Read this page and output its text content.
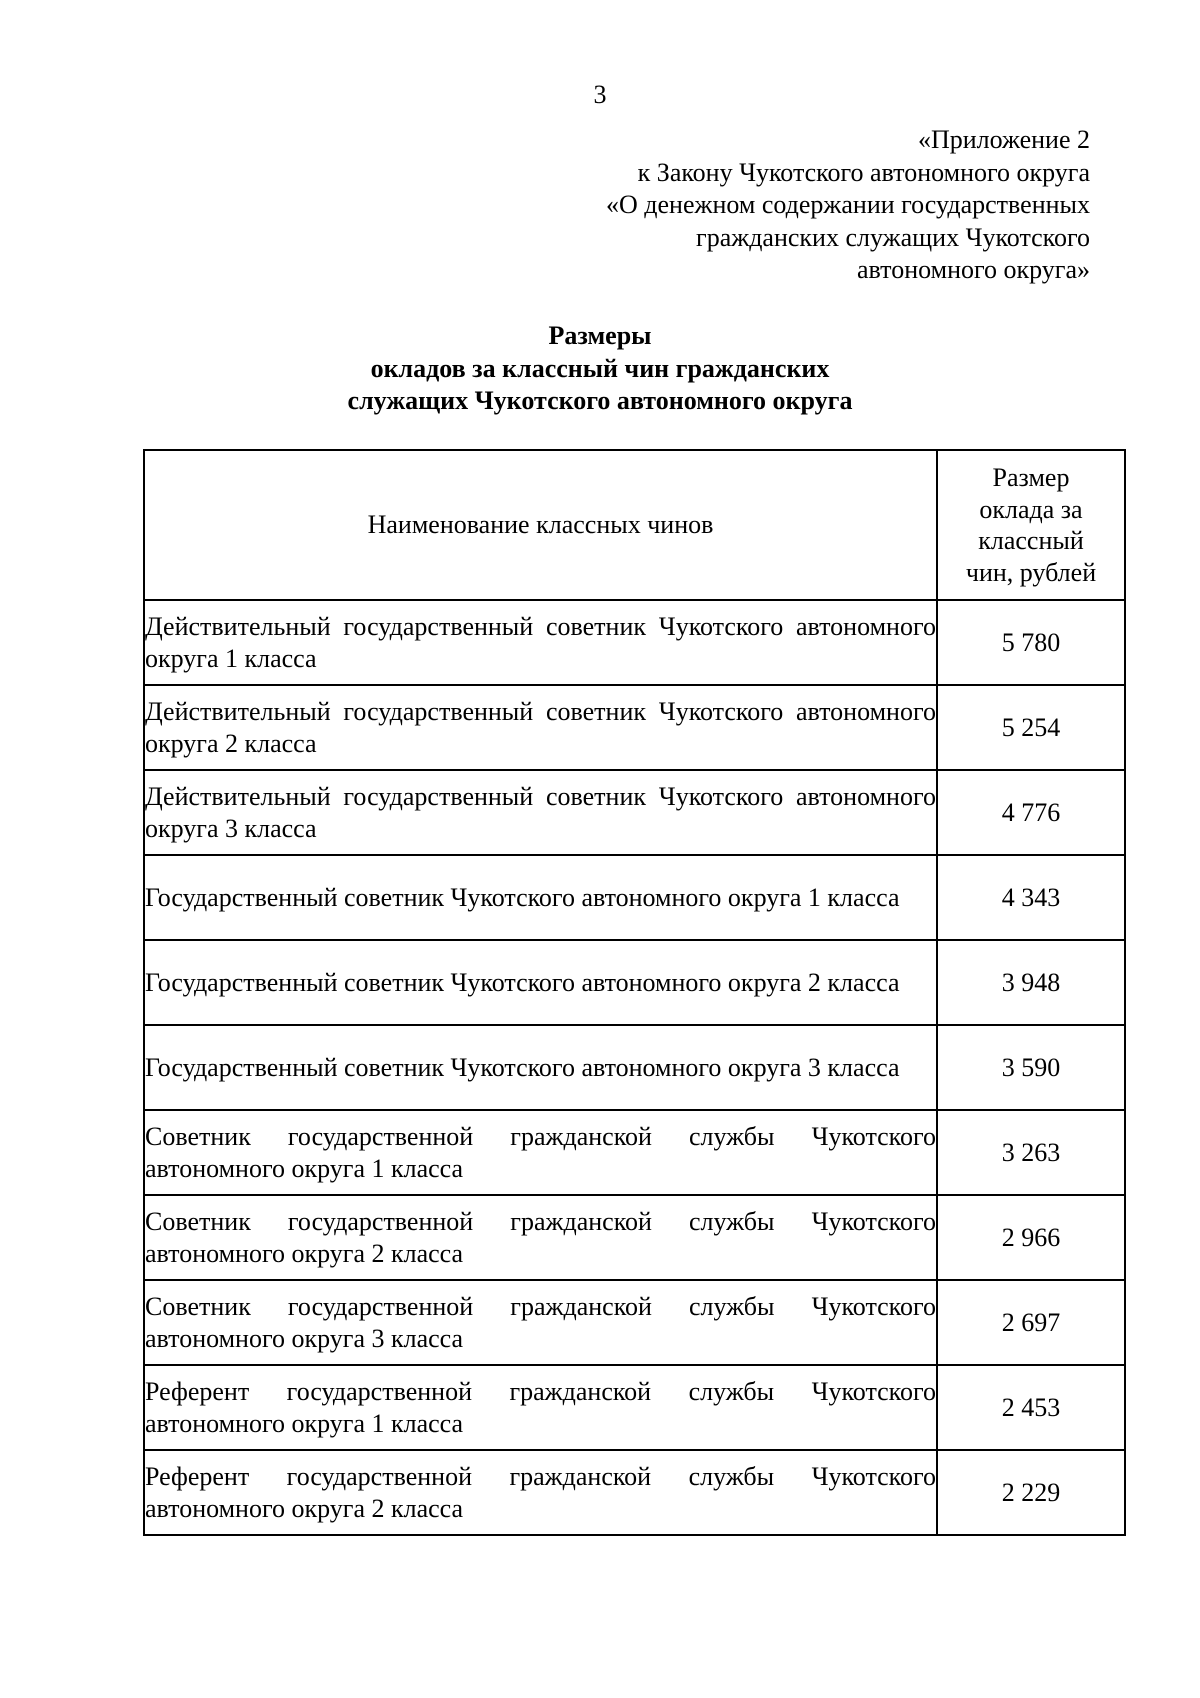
3
«Приложение 2
к Закону Чукотского автономного округа
«О денежном содержании государственных
гражданских служащих Чукотского
автономного округа»
Размеры
окладов за классный чин гражданских
служащих Чукотского автономного округа
Наименование классных чинов	Размер
оклада за
классный
чин, рублей

Действительный государственный советник Чукотского автономного округа 1 класса	5 780
Действительный государственный советник Чукотского автономного округа 2 класса	5 254
Действительный государственный советник Чукотского автономного округа 3 класса	4 776
Государственный советник Чукотского автономного округа 1 класса	4 343
Государственный советник Чукотского автономного округа 2 класса	3 948
Государственный советник Чукотского автономного округа 3 класса	3 590
Советник государственной гражданской службы Чукотского автономного округа 1 класса	3 263
Советник государственной гражданской службы Чукотского автономного округа 2 класса	2 966
Советник государственной гражданской службы Чукотского автономного округа 3 класса	2 697
Референт государственной гражданской службы Чукотского автономного округа 1 класса	2 453
Референт государственной гражданской службы Чукотского автономного округа 2 класса	2 229
